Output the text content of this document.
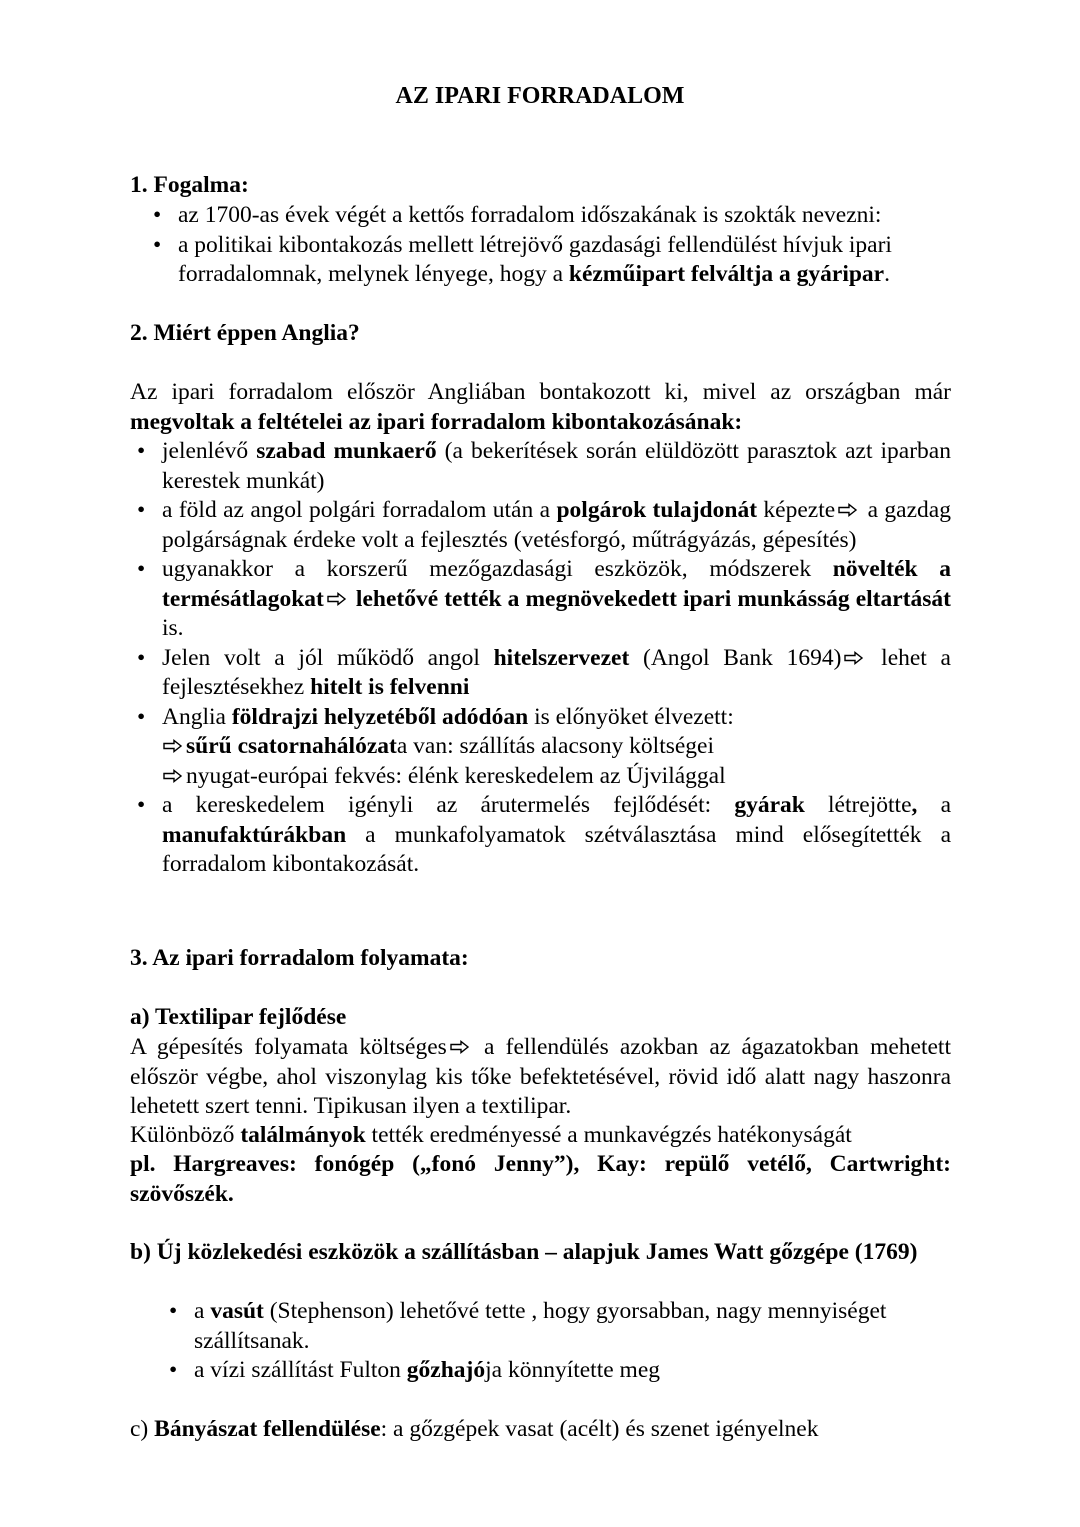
AZ IPARI FORRADALOM
1. Fogalma:
• az 1700-as évek végét a kettős forradalom időszakának is szokták nevezni:
• a politikai kibontakozás mellett létrejövő gazdasági fellendülést hívjuk ipari forradalomnak, melynek lényege, hogy a kézműipart felváltja a gyáripar.
2. Miért éppen Anglia?
Az ipari forradalom először Angliában bontakozott ki, mivel az országban már megvoltak a feltételei az ipari forradalom kibontakozásának:
• jelenlévő szabad munkaerő (a bekerítések során elüldözött parasztok azt iparban kerestek munkát)
• a föld az angol polgári forradalom után a polgárok tulajdonát képezte
a gazdag polgárságnak érdeke volt a fejlesztés (vetésforgó, műtrágyázás, gépesítés)
• ugyanakkor a korszerű mezőgazdasági eszközök, módszerek növelték a termésátlagokat
lehetővé tették a megnövekedett ipari munkásság eltartását is.
• Jelen volt a jól működő angol hitelszervezet (Angol Bank 1694)
lehet a fejlesztésekhez hitelt is felvenni
• Anglia földrajzi helyzetéből adódóan is előnyöket élvezett:
sűrű csatornahálózata van: szállítás alacsony költségei
nyugat-európai fekvés: élénk kereskedelem az Újvilággal
• a kereskedelem igényli az árutermelés fejlődését: gyárak létrejötte, a manufaktúrákban a munkafolyamatok szétválasztása mind elősegítették a forradalom kibontakozását.
3. Az ipari forradalom folyamata:
a) Textilipar fejlődése
A gépesítés folyamata költséges
a fellendülés azokban az ágazatokban mehetett először végbe, ahol viszonylag kis tőke befektetésével, rövid idő alatt nagy haszonra lehetett szert tenni. Tipikusan ilyen a textilipar.
Különböző találmányok tették eredményessé a munkavégzés hatékonyságát
pl. Hargreaves: fonógép („fonó Jenny”), Kay: repülő vetélő, Cartwright: szövőszék.
b) Új közlekedési eszközök a szállításban – alapjuk James Watt gőzgépe (1769)
• a vasút (Stephenson) lehetővé tette , hogy gyorsabban, nagy mennyiséget szállítsanak.
• a vízi szállítást Fulton gőzhajója könnyítette meg
c) Bányászat fellendülése: a gőzgépek vasat (acélt) és szenet igényelnek
